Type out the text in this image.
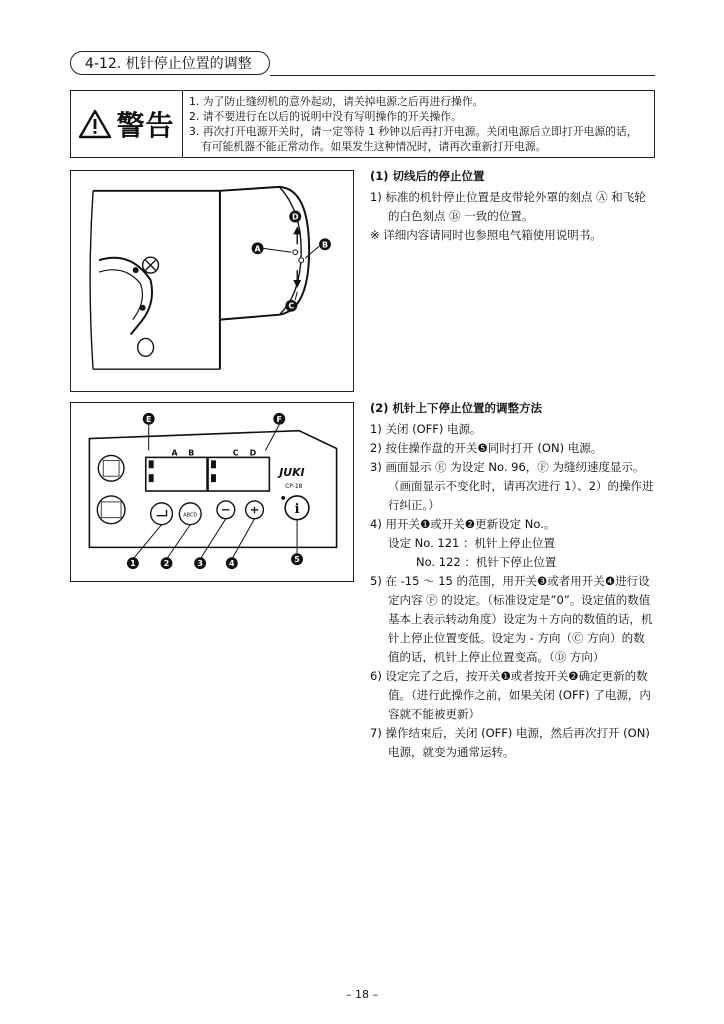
4-12. 机针停止位置的调整
警告
1. 为了防止缝纫机的意外起动，请关掉电源之后再进行操作。
2. 请不要进行在以后的说明中没有写明操作的开关操作。
3. 再次打开电源开关时，请一定等待 1 秒钟以后再打开电源。关闭电源后立即打开电源的话，有可能机器不能正常动作。如果发生这种情况时，请再次重新打开电源。
A	B
D
C
E	F
A B	C D
JUKI
CP-18
ABCD − +	i
1	2	3	4	5
(1) 切线后的停止位置
1) 标准的机针停止位置是皮带轮外罩的刻点 Ⓐ 和飞轮的白色刻点 Ⓑ 一致的位置。
※ 详细内容请同时也参照电气箱使用说明书。
(2) 机针上下停止位置的调整方法
1) 关闭 (OFF) 电源。
2) 按住操作盘的开关❺同时打开 (ON) 电源。
3) 画面显示 Ⓔ 为设定 No. 96，Ⓕ 为缝纫速度显示。
（画面显示不变化时，请再次进行 1）、2）的操作进行纠正。）
4) 用开关❶或开关❷更新设定 No.。
设定 No. 121 ：机针上停止位置
No. 122 ：机针下停止位置
5) 在 -15 ～ 15 的范围，用开关❸或者用开关❹进行设定内容 Ⓕ 的设定。（标准设定是”0”。设定值的数值基本上表示转动角度）设定为＋方向的数值的话，机针上停止位置变低。设定为 - 方向（Ⓒ 方向）的数值的话，机针上停止位置变高。（Ⓓ 方向）
6) 设定完了之后，按开关❶或者按开关❷确定更新的数值。（进行此操作之前，如果关闭 (OFF) 了电源，内容就不能被更新）
7) 操作结束后，关闭 (OFF) 电源，然后再次打开 (ON) 电源，就变为通常运转。
– 18 –
